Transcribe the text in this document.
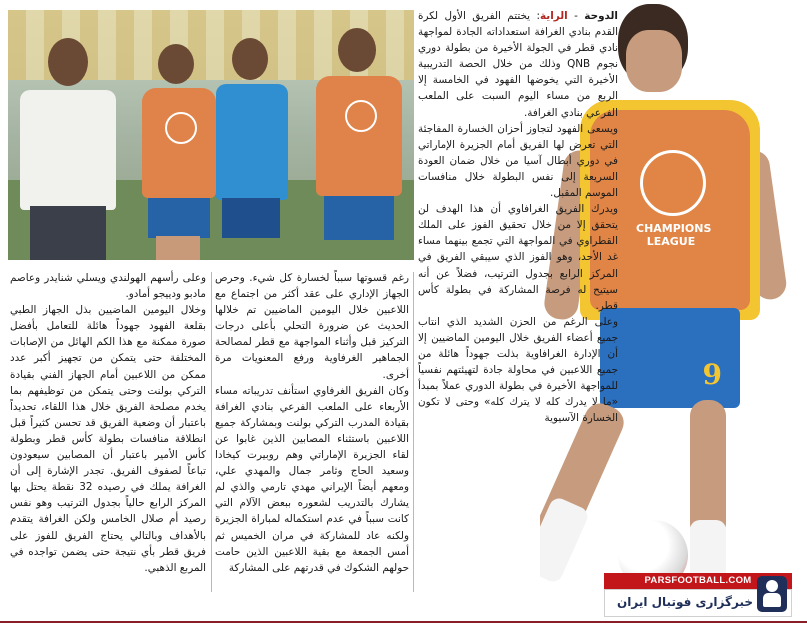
CHAMPIONS LEAGUE
9

الدوحة - الراية: يختتم الفريق الأول لكرة القدم بنادي الغرافة استعداداته الجادة لمواجهة نادي قطر في الجولة الأخيرة من بطولة دوري نجوم QNB وذلك من خلال الحصة التدريبية الأخيرة التي يخوضها الفهود في الخامسة إلا الربع من مساء اليوم السبت على الملعب الفرعي بنادي الغرافة.

ويسعى الفهود لتجاوز أحزان الخسارة المفاجئة التي تعرض لها الفريق أمام الجزيرة الإماراتي في دوري أبطال آسيا من خلال ضمان العودة السريعة إلى نفس البطولة خلال منافسات الموسم المقبل.

ويدرك الفريق الغرافاوي أن هذا الهدف لن يتحقق إلا من خلال تحقيق الفوز على الملك القطراوي في المواجهة التي تجمع بينهما مساء غد الأحد، وهو الفوز الذي سيبقي الفريق في المركز الرابع بجدول الترتيب، فضلاً عن أنه سيتيح له فرصة المشاركة في بطولة كأس قطر.

وعلى الرغم من الحزن الشديد الذي انتاب جميع أعضاء الفريق خلال اليومين الماضيين إلا أن الإدارة الغرافاوية بذلت جهوداً هائلة من جميع اللاعبين في محاولة جادة لتهيئتهم نفسياً للمواجهة الأخيرة في بطولة الدوري عملاً بمبدأ «ما لا يدرك كله لا يترك كله» وحتى لا تكون الخسارة الآسيوية

رغم قسوتها سبباً لخسارة كل شيء. وحرص الجهاز الإداري على عقد أكثر من اجتماع مع اللاعبين خلال اليومين الماضيين تم خلالها الحديث عن ضرورة التحلي بأعلى درجات التركيز قبل وأثناء المواجهة مع قطر لمصالحة الجماهير الغرفاوية ورفع المعنويات مرة أخرى.

وكان الفريق الغرفاوي استأنف تدريباته مساء الأربعاء على الملعب الفرعي بنادي الغرافة بقيادة المدرب التركي بولنت وبمشاركة جميع اللاعبين باستثناء المصابين الذين غابوا عن لقاء الجزيرة الإماراتي وهم روبيرت كيخادا وسعيد الحاج وثامر جمال والمهدي علي، ومعهم أيضاً الإيراني مهدي تارمي والذي لم يشارك بالتدريب لشعوره ببعض الآلام التي كانت سبباً في عدم استكماله لمباراة الجزيرة ولكنه عاد للمشاركة في مران الخميس ثم أمس الجمعة مع بقية اللاعبين الذين حامت حولهم الشكوك في قدرتهم على المشاركة

وعلى رأسهم الهولندي ويسلي شنايدر وعاصم مادبو ودييجو أمادو.

وخلال اليومين الماضيين بذل الجهاز الطبي بقلعة الفهود جهوداً هائلة للتعامل بأفضل صورة ممكنة مع هذا الكم الهائل من الإصابات المختلفة حتى يتمكن من تجهيز أكبر عدد ممكن من اللاعبين أمام الجهاز الفني بقيادة التركي بولنت وحتى يتمكن من توظيفهم بما يخدم مصلحة الفريق خلال هذا اللقاء، تحديداً باعتبار أن وضعية الفريق قد تحسن كثيراً قبل انطلاقة منافسات بطولة كأس قطر وبطولة كأس الأمير باعتبار أن المصابين سيعودون تباعاً لصفوف الفريق. تجدر الإشارة إلى أن الغرافة يملك في رصيده 32 نقطة يحتل بها المركز الرابع حالياً بجدول الترتيب وهو نفس رصيد أم صلال الخامس ولكن الغرافة يتقدم بالأهداف وبالتالي يحتاج الفريق للفوز على فريق قطر بأي نتيجة حتى يضمن تواجده في المربع الذهبي.

PARSFOOTBALL.COM
خبرگزاری فوتبال ایران
